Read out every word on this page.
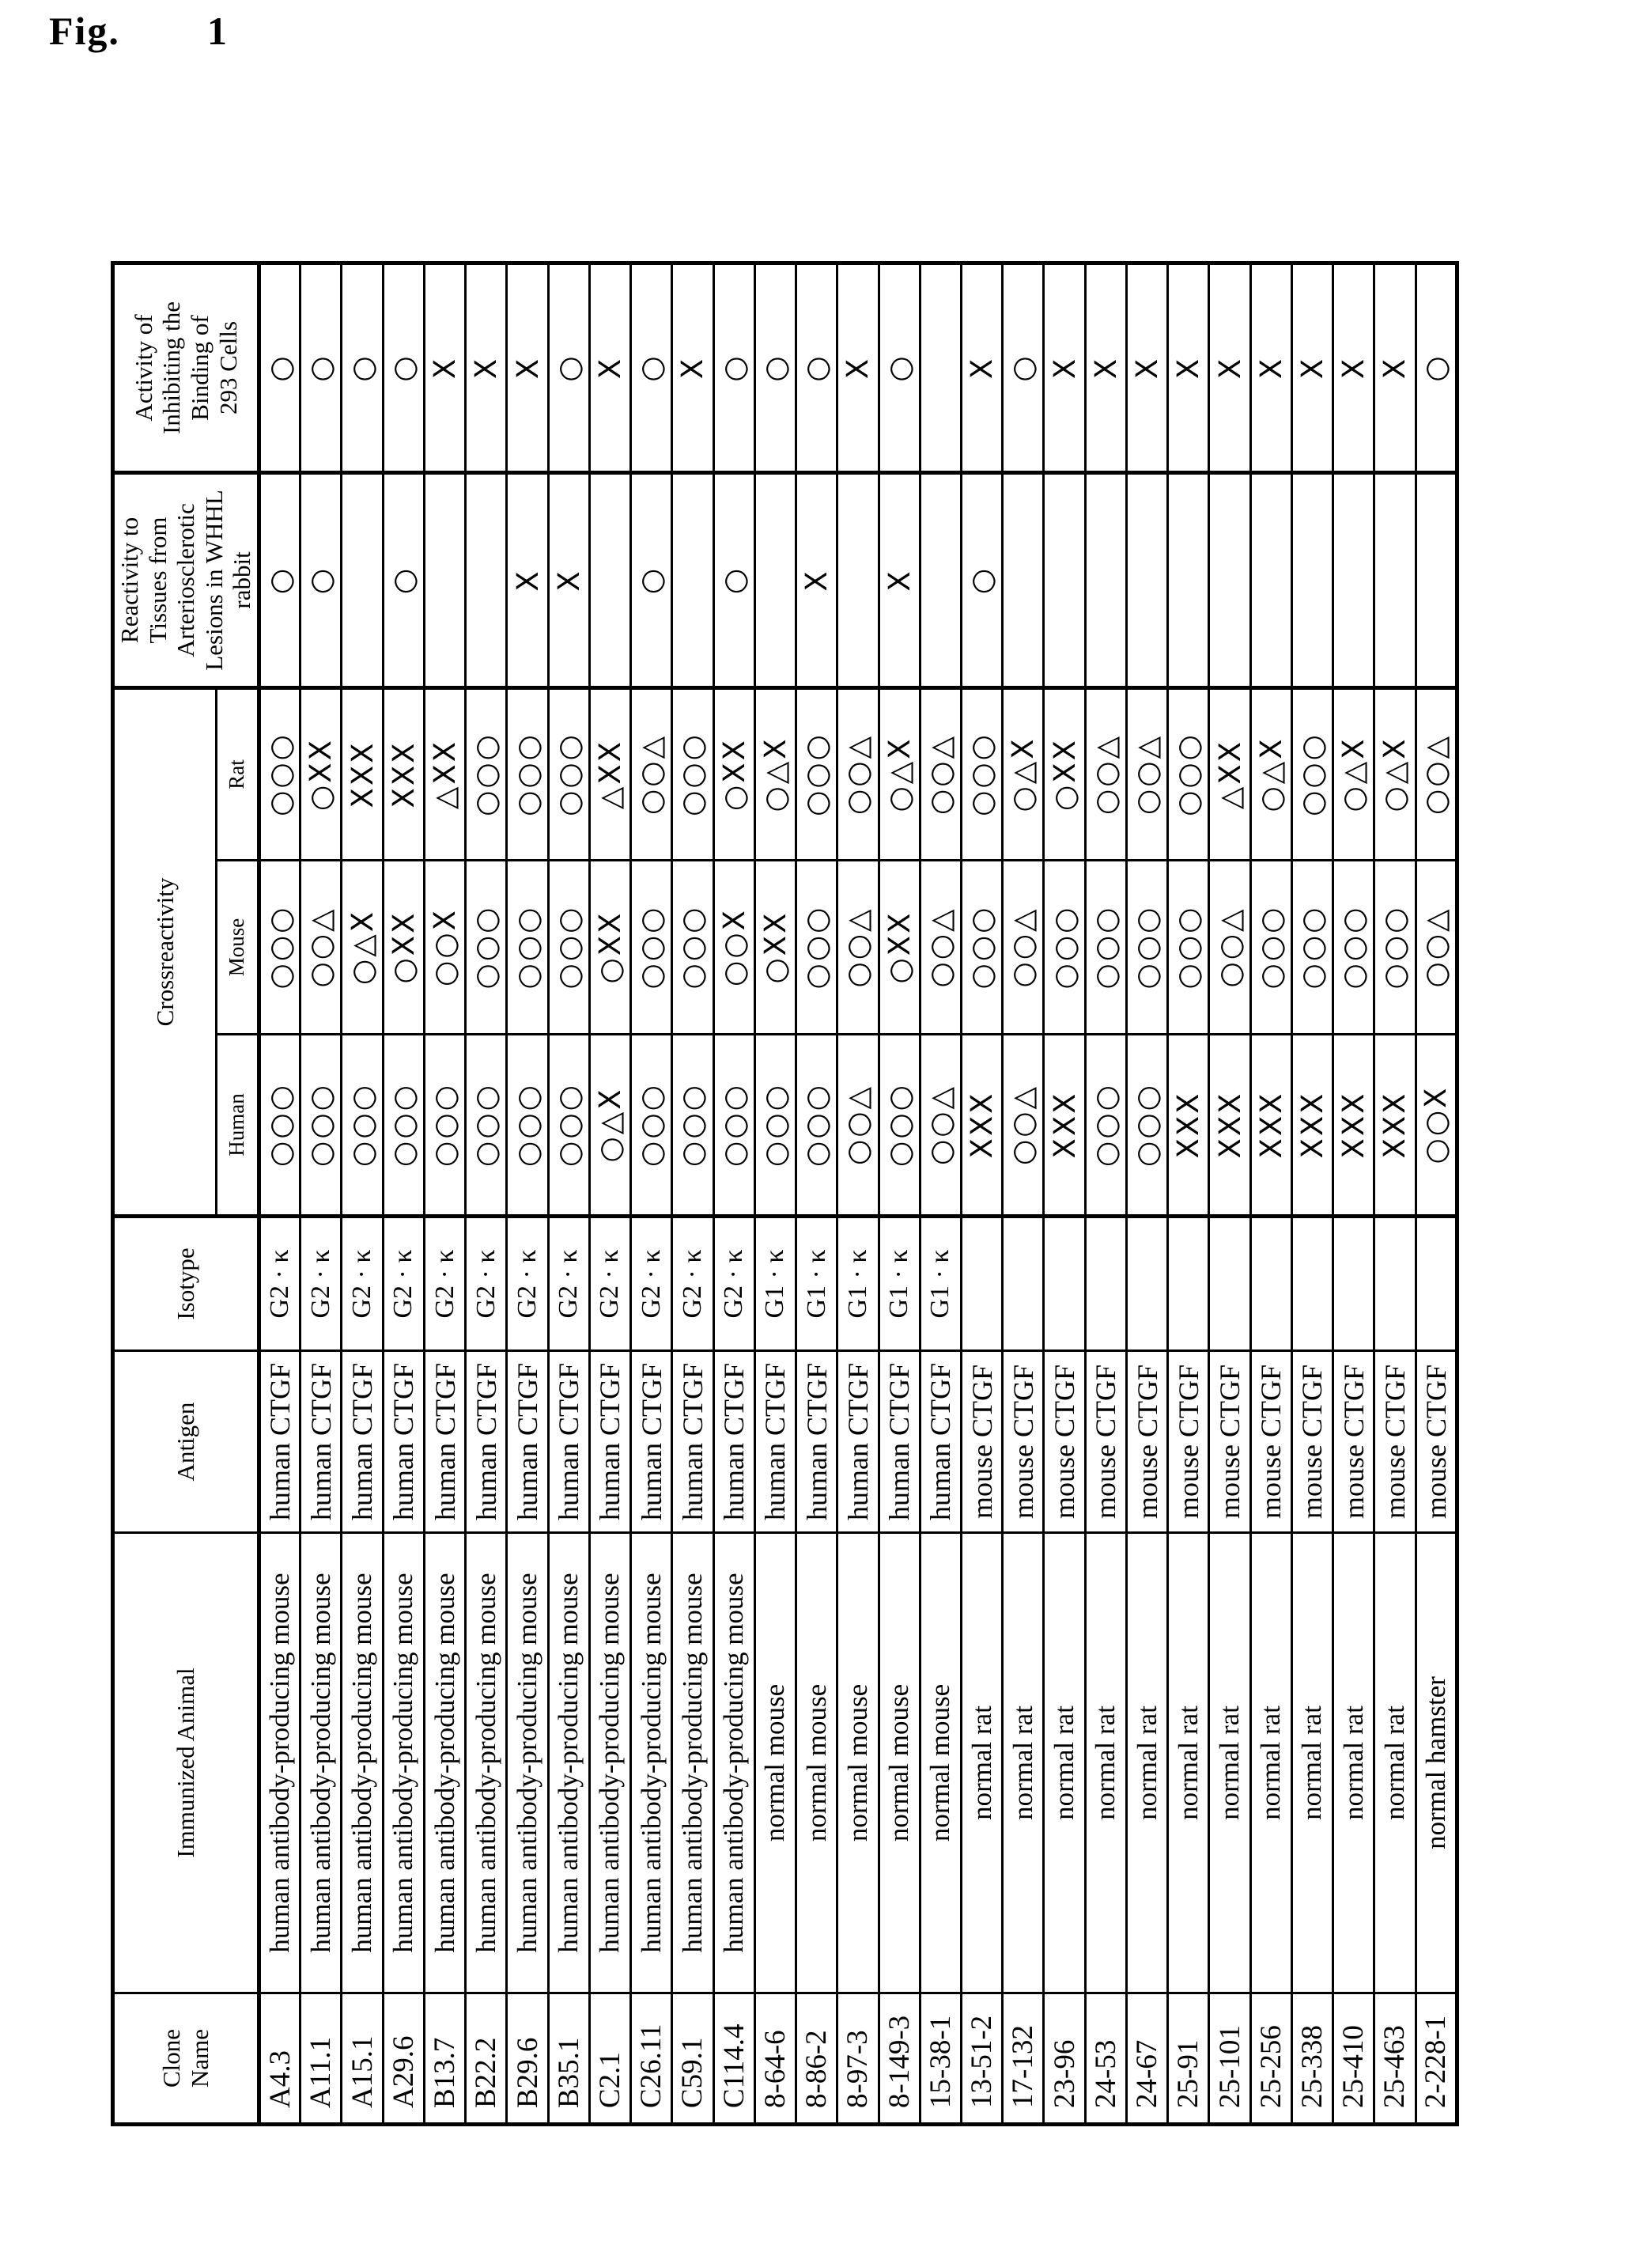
Fig. 1
Clone
Name	Immunized Animal	Antigen	Isotype	Crossreactivity			Reactivity to
Tissues from
Arteriosclerotic
Lesions in WHHL
rabbit	Activity of
Inhibiting the
Binding of
293 Cells
				Human	Mouse	Rat		
A4.3	human antibody-producing mouse	human CTGF	G2 · κ	○○○	○○○	○○○	○	○
A11.1	human antibody-producing mouse	human CTGF	G2 · κ	○○○	○○△	○XX	○	○
A15.1	human antibody-producing mouse	human CTGF	G2 · κ	○○○	○△X	XXX		○
A29.6	human antibody-producing mouse	human CTGF	G2 · κ	○○○	○XX	XXX	○	○
B13.7	human antibody-producing mouse	human CTGF	G2 · κ	○○○	○○X	△XX		X
B22.2	human antibody-producing mouse	human CTGF	G2 · κ	○○○	○○○	○○○		X
B29.6	human antibody-producing mouse	human CTGF	G2 · κ	○○○	○○○	○○○	X	X
B35.1	human antibody-producing mouse	human CTGF	G2 · κ	○○○	○○○	○○○	X	○
C2.1	human antibody-producing mouse	human CTGF	G2 · κ	○△X	○XX	△XX		X
C26.11	human antibody-producing mouse	human CTGF	G2 · κ	○○○	○○○	○○△	○	○
C59.1	human antibody-producing mouse	human CTGF	G2 · κ	○○○	○○○	○○○		X
C114.4	human antibody-producing mouse	human CTGF	G2 · κ	○○○	○○X	○XX	○	○
8-64-6	normal mouse	human CTGF	G1 · κ	○○○	○XX	○△X		○
8-86-2	normal mouse	human CTGF	G1 · κ	○○○	○○○	○○○	X	○
8-97-3	normal mouse	human CTGF	G1 · κ	○○△	○○△	○○△		X
8-149-3	normal mouse	human CTGF	G1 · κ	○○○	○XX	○△X	X	○
15-38-1	normal mouse	human CTGF	G1 · κ	○○△	○○△	○○△		
13-51-2	normal rat	mouse CTGF		XXX	○○○	○○○	○	X
17-132	normal rat	mouse CTGF		○○△	○○△	○△X		○
23-96	normal rat	mouse CTGF		XXX	○○○	○XX		X
24-53	normal rat	mouse CTGF		○○○	○○○	○○△		X
24-67	normal rat	mouse CTGF		○○○	○○○	○○△		X
25-91	normal rat	mouse CTGF		XXX	○○○	○○○		X
25-101	normal rat	mouse CTGF		XXX	○○△	△XX		X
25-256	normal rat	mouse CTGF		XXX	○○○	○△X		X
25-338	normal rat	mouse CTGF		XXX	○○○	○○○		X
25-410	normal rat	mouse CTGF		XXX	○○○	○△X		X
25-463	normal rat	mouse CTGF		XXX	○○○	○△X		X
2-228-1	normal hamster	mouse CTGF		○○X	○○△	○○△		○
